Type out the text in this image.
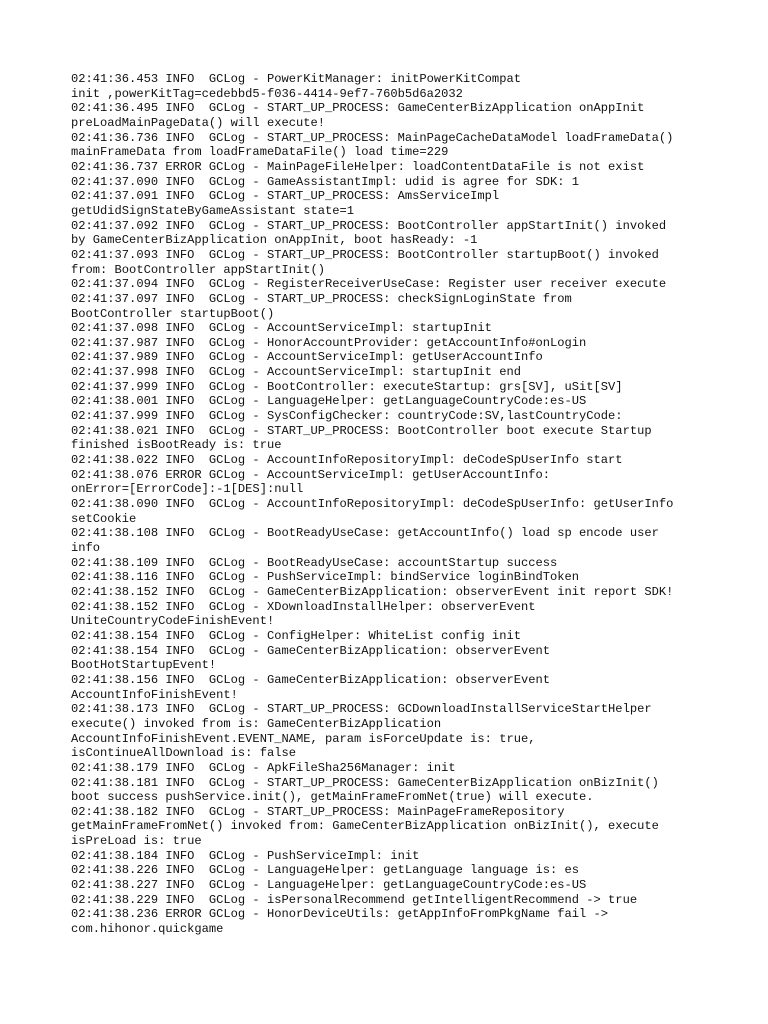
02:41:36.453 INFO  GCLog - PowerKitManager: initPowerKitCompat
init ,powerKitTag=cedebbd5-f036-4414-9ef7-760b5d6a2032
02:41:36.495 INFO  GCLog - START_UP_PROCESS: GameCenterBizApplication onAppInit
preLoadMainPageData() will execute!
02:41:36.736 INFO  GCLog - START_UP_PROCESS: MainPageCacheDataModel loadFrameData()
mainFrameData from loadFrameDataFile() load time=229
02:41:36.737 ERROR GCLog - MainPageFileHelper: loadContentDataFile is not exist
02:41:37.090 INFO  GCLog - GameAssistantImpl: udid is agree for SDK: 1
02:41:37.091 INFO  GCLog - START_UP_PROCESS: AmsServiceImpl
getUdidSignStateByGameAssistant state=1
02:41:37.092 INFO  GCLog - START_UP_PROCESS: BootController appStartInit() invoked
by GameCenterBizApplication onAppInit, boot hasReady: -1
02:41:37.093 INFO  GCLog - START_UP_PROCESS: BootController startupBoot() invoked
from: BootController appStartInit()
02:41:37.094 INFO  GCLog - RegisterReceiverUseCase: Register user receiver execute
02:41:37.097 INFO  GCLog - START_UP_PROCESS: checkSignLoginState from
BootController startupBoot()
02:41:37.098 INFO  GCLog - AccountServiceImpl: startupInit
02:41:37.987 INFO  GCLog - HonorAccountProvider: getAccountInfo#onLogin
02:41:37.989 INFO  GCLog - AccountServiceImpl: getUserAccountInfo
02:41:37.998 INFO  GCLog - AccountServiceImpl: startupInit end
02:41:37.999 INFO  GCLog - BootController: executeStartup: grs[SV], uSit[SV]
02:41:38.001 INFO  GCLog - LanguageHelper: getLanguageCountryCode:es-US
02:41:37.999 INFO  GCLog - SysConfigChecker: countryCode:SV,lastCountryCode:
02:41:38.021 INFO  GCLog - START_UP_PROCESS: BootController boot execute Startup
finished isBootReady is: true
02:41:38.022 INFO  GCLog - AccountInfoRepositoryImpl: deCodeSpUserInfo start
02:41:38.076 ERROR GCLog - AccountServiceImpl: getUserAccountInfo:
onError=[ErrorCode]:-1[DES]:null
02:41:38.090 INFO  GCLog - AccountInfoRepositoryImpl: deCodeSpUserInfo: getUserInfo
setCookie
02:41:38.108 INFO  GCLog - BootReadyUseCase: getAccountInfo() load sp encode user
info
02:41:38.109 INFO  GCLog - BootReadyUseCase: accountStartup success
02:41:38.116 INFO  GCLog - PushServiceImpl: bindService loginBindToken
02:41:38.152 INFO  GCLog - GameCenterBizApplication: observerEvent init report SDK!
02:41:38.152 INFO  GCLog - XDownloadInstallHelper: observerEvent
UniteCountryCodeFinishEvent!
02:41:38.154 INFO  GCLog - ConfigHelper: WhiteList config init
02:41:38.154 INFO  GCLog - GameCenterBizApplication: observerEvent
BootHotStartupEvent!
02:41:38.156 INFO  GCLog - GameCenterBizApplication: observerEvent
AccountInfoFinishEvent!
02:41:38.173 INFO  GCLog - START_UP_PROCESS: GCDownloadInstallServiceStartHelper
execute() invoked from is: GameCenterBizApplication
AccountInfoFinishEvent.EVENT_NAME, param isForceUpdate is: true,
isContinueAllDownload is: false
02:41:38.179 INFO  GCLog - ApkFileSha256Manager: init
02:41:38.181 INFO  GCLog - START_UP_PROCESS: GameCenterBizApplication onBizInit()
boot success pushService.init(), getMainFrameFromNet(true) will execute.
02:41:38.182 INFO  GCLog - START_UP_PROCESS: MainPageFrameRepository
getMainFrameFromNet() invoked from: GameCenterBizApplication onBizInit(), execute
isPreLoad is: true
02:41:38.184 INFO  GCLog - PushServiceImpl: init
02:41:38.226 INFO  GCLog - LanguageHelper: getLanguage language is: es
02:41:38.227 INFO  GCLog - LanguageHelper: getLanguageCountryCode:es-US
02:41:38.229 INFO  GCLog - isPersonalRecommend getIntelligentRecommend -> true
02:41:38.236 ERROR GCLog - HonorDeviceUtils: getAppInfoFromPkgName fail ->
com.hihonor.quickgame
